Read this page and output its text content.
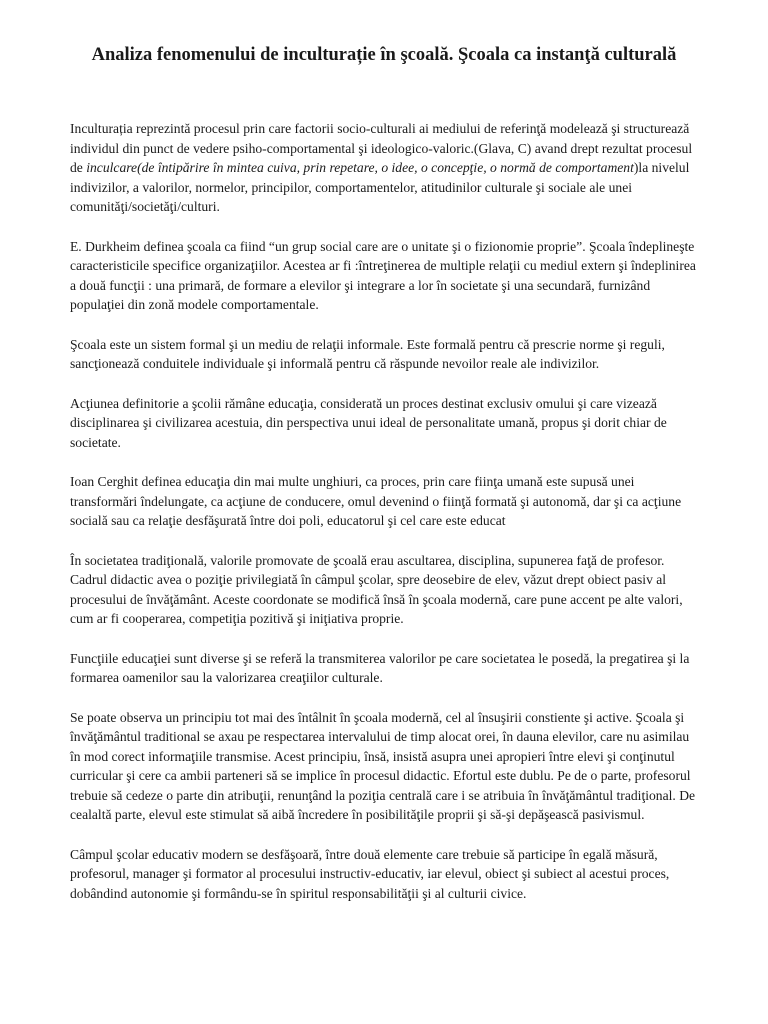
Analiza fenomenului de inculturație în şcoală. Şcoala ca instanţă culturală

Inculturația reprezintă procesul prin care factorii socio-culturali ai mediului de referinţă modelează şi structurează individul din punct de vedere psiho-comportamental şi ideologico-valoric.(Glava, C) avand drept rezultat procesul de inculcare(de întipărire în mintea cuiva, prin repetare, o idee, o concepţie, o normă de comportament)la nivelul indivizilor, a valorilor, normelor, principilor, comportamentelor, atitudinilor culturale şi sociale ale unei comunităţi/societăţi/culturi.

E. Durkheim definea şcoala ca fiind “un grup social care are o unitate şi o fizionomie proprie”. Şcoala îndeplineşte caracteristicile specifice organizaţiilor. Acestea ar fi :întreţinerea de multiple relaţii cu mediul extern şi îndeplinirea a două funcţii : una primară, de formare a elevilor şi integrare a lor în societate şi una secundară, furnizând populaţiei din zonă modele comportamentale.

Şcoala este un sistem formal şi un mediu de relaţii informale. Este formală pentru că prescrie norme şi reguli, sancţionează conduitele individuale şi informală pentru că răspunde nevoilor reale ale indivizilor.

Acţiunea definitorie a şcolii rămâne educaţia, considerată un proces destinat exclusiv omului şi care vizează disciplinarea şi civilizarea acestuia, din perspectiva unui ideal de personalitate umană, propus şi dorit chiar de societate.

Ioan Cerghit definea educaţia din mai multe unghiuri, ca proces, prin care fiinţa umană este supusă unei transformări îndelungate, ca acţiune de conducere, omul devenind o fiinţă formată şi autonomă, dar şi ca acţiune socială sau ca relaţie desfăşurată între doi poli, educatorul şi cel care este educat

În societatea tradiţională, valorile promovate de şcoală erau ascultarea, disciplina, supunerea faţă de profesor. Cadrul didactic avea o poziţie privilegiată în câmpul şcolar, spre deosebire de elev, văzut drept obiect pasiv al procesului de învăţământ. Aceste coordonate se modifică însă în şcoala modernă, care pune accent pe alte valori, cum ar fi cooperarea, competiţia pozitivă şi iniţiativa proprie.

Funcţiile educaţiei sunt diverse şi se referă la transmiterea valorilor pe care societatea le posedă, la pregatirea şi la formarea oamenilor sau la valorizarea creaţiilor culturale.

Se poate observa un principiu tot mai des întâlnit în şcoala modernă, cel al însuşirii constiente şi active. Şcoala şi învăţământul traditional se axau pe respectarea intervalului de timp alocat orei, în dauna elevilor, care nu asimilau în mod corect informaţiile transmise. Acest principiu, însă, insistă asupra unei apropieri între elevi şi conţinutul curricular şi cere ca ambii parteneri să se implice în procesul didactic. Efortul este dublu. Pe de o parte, profesorul trebuie să cedeze o parte din atribuţii, renunţând la poziţia centrală care i se atribuia în învăţământul tradiţional. De cealaltă parte, elevul este stimulat să aibă încredere în posibilităţile proprii şi să-şi depăşească pasivismul.

Câmpul şcolar educativ modern se desfăşoară, între două elemente care trebuie să participe în egală măsură, profesorul, manager şi formator al procesului instructiv-educativ, iar elevul, obiect şi subiect al acestui proces, dobândind autonomie şi formându-se în spiritul responsabilităţii şi al culturii civice.
